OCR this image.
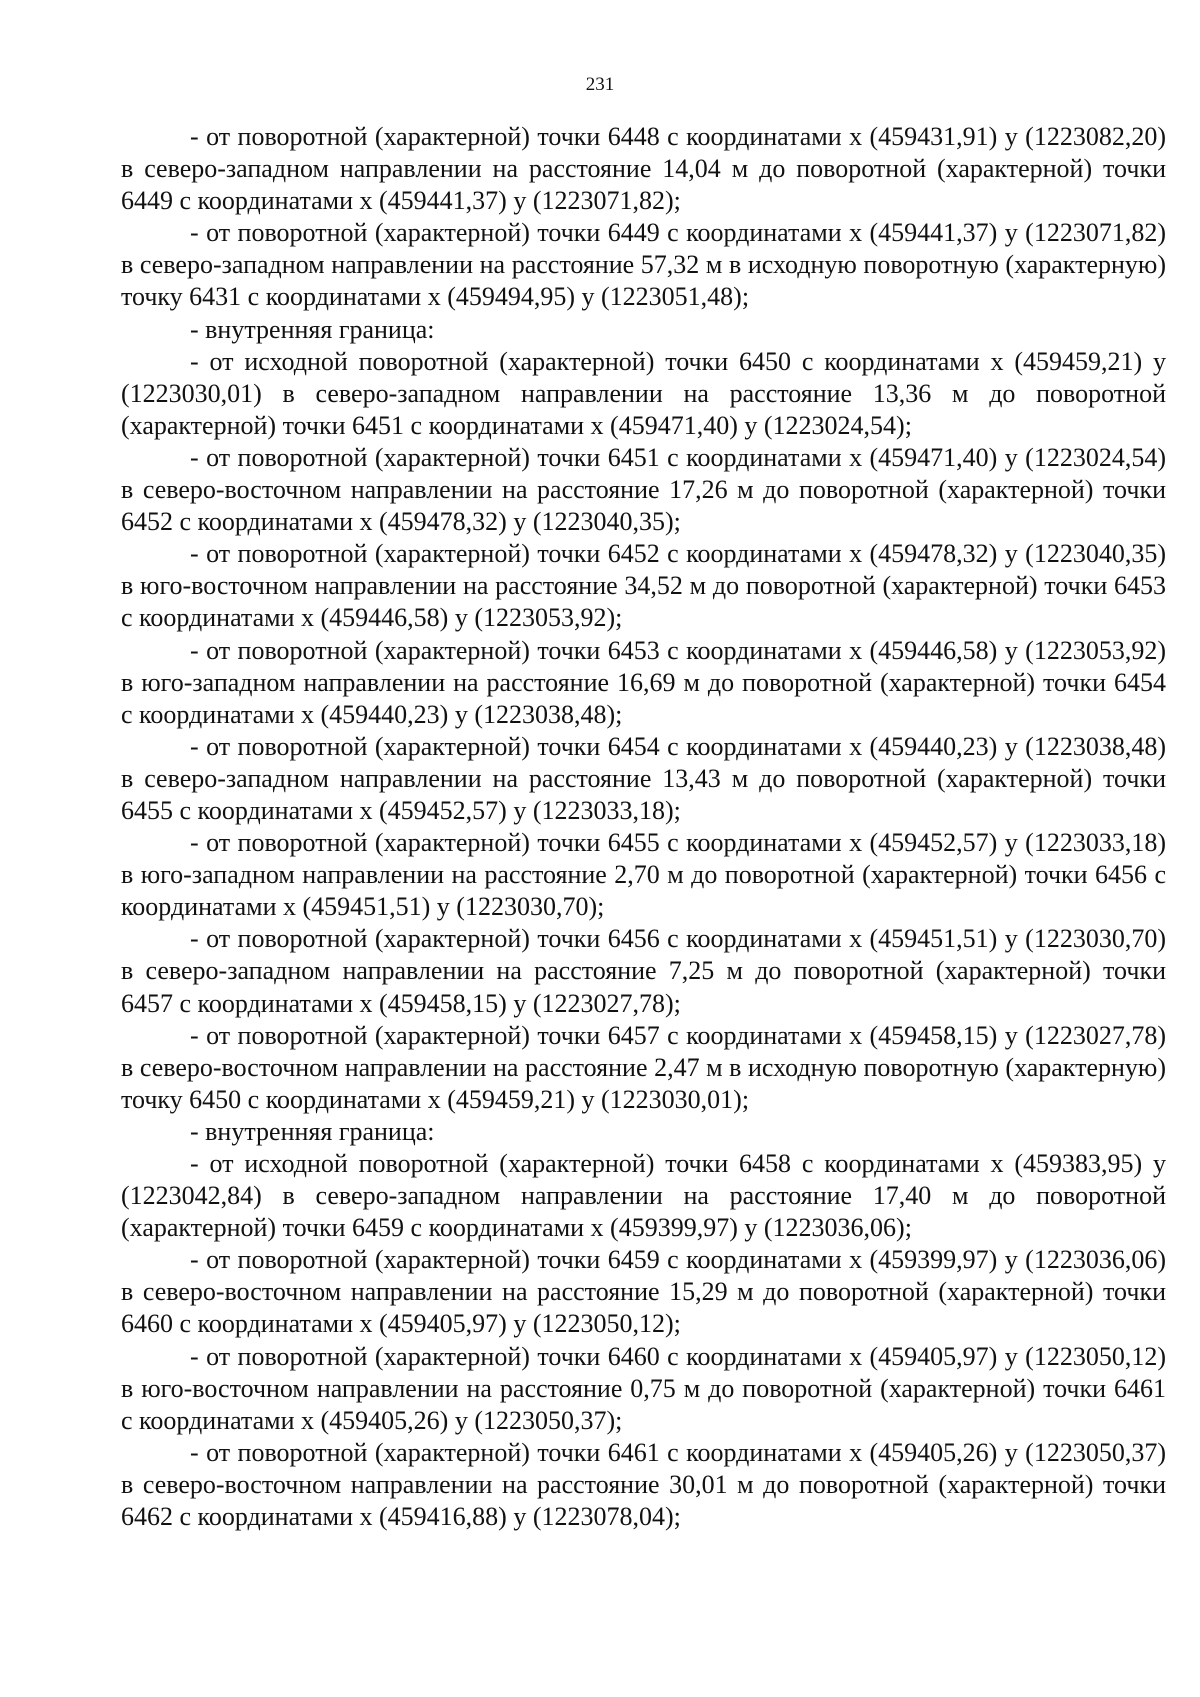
231

- от поворотной (характерной) точки 6448 с координатами х (459431,91) у (1223082,20) в северо-западном направлении на расстояние 14,04 м до поворотной (характерной) точки 6449 с координатами х (459441,37) у (1223071,82);

- от поворотной (характерной) точки 6449 с координатами х (459441,37) у (1223071,82) в северо-западном направлении на расстояние 57,32 м в исходную поворотную (характерную) точку 6431 с координатами х (459494,95) у (1223051,48);

- внутренняя граница:

- от исходной поворотной (характерной) точки 6450 с координатами х (459459,21) у (1223030,01) в северо-западном направлении на расстояние 13,36 м до поворотной (характерной) точки 6451 с координатами х (459471,40) у (1223024,54);

- от поворотной (характерной) точки 6451 с координатами х (459471,40) у (1223024,54) в северо-восточном направлении на расстояние 17,26 м до поворотной (характерной) точки 6452 с координатами х (459478,32) у (1223040,35);

- от поворотной (характерной) точки 6452 с координатами х (459478,32) у (1223040,35) в юго-восточном направлении на расстояние 34,52 м до поворотной (характерной) точки 6453 с координатами х (459446,58) у (1223053,92);

- от поворотной (характерной) точки 6453 с координатами х (459446,58) у (1223053,92) в юго-западном направлении на расстояние 16,69 м до поворотной (характерной) точки 6454 с координатами х (459440,23) у (1223038,48);

- от поворотной (характерной) точки 6454 с координатами х (459440,23) у (1223038,48) в северо-западном направлении на расстояние 13,43 м до поворотной (характерной) точки 6455 с координатами х (459452,57) у (1223033,18);

- от поворотной (характерной) точки 6455 с координатами х (459452,57) у (1223033,18) в юго-западном направлении на расстояние 2,70 м до поворотной (характерной) точки 6456 с координатами х (459451,51) у (1223030,70);

- от поворотной (характерной) точки 6456 с координатами х (459451,51) у (1223030,70) в северо-западном направлении на расстояние 7,25 м до поворотной (характерной) точки 6457 с координатами х (459458,15) у (1223027,78);

- от поворотной (характерной) точки 6457 с координатами х (459458,15) у (1223027,78) в северо-восточном направлении на расстояние 2,47 м в исходную поворотную (характерную) точку 6450 с координатами х (459459,21) у (1223030,01);

- внутренняя граница:

- от исходной поворотной (характерной) точки 6458 с координатами х (459383,95) у (1223042,84) в северо-западном направлении на расстояние 17,40 м до поворотной (характерной) точки 6459 с координатами х (459399,97) у (1223036,06);

- от поворотной (характерной) точки 6459 с координатами х (459399,97) у (1223036,06) в северо-восточном направлении на расстояние 15,29 м до поворотной (характерной) точки 6460 с координатами х (459405,97) у (1223050,12);

- от поворотной (характерной) точки 6460 с координатами х (459405,97) у (1223050,12) в юго-восточном направлении на расстояние 0,75 м до поворотной (характерной) точки 6461 с координатами х (459405,26) у (1223050,37);

- от поворотной (характерной) точки 6461 с координатами х (459405,26) у (1223050,37) в северо-восточном направлении на расстояние 30,01 м до поворотной (характерной) точки 6462 с координатами х (459416,88) у (1223078,04);
